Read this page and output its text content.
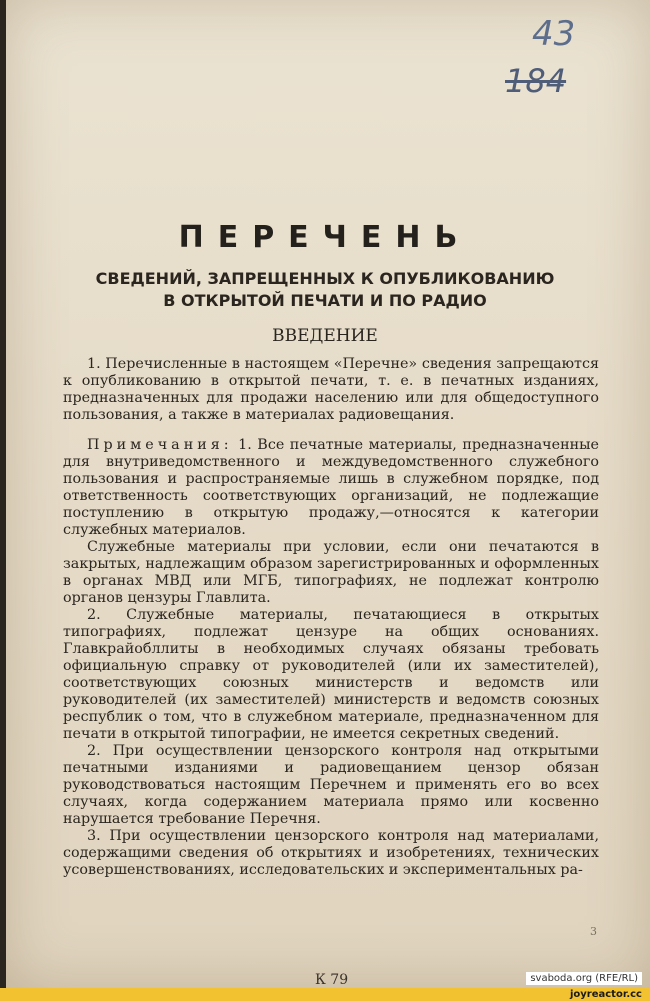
43
184
ПЕРЕЧЕНЬ
СВЕДЕНИЙ, ЗАПРЕЩЕННЫХ К ОПУБЛИКОВАНИЮ
В ОТКРЫТОЙ ПЕЧАТИ И ПО РАДИО
ВВЕДЕНИЕ

1. Перечисленные в настоящем «Перечне» сведения запрещаются к опубликованию в открытой печати, т. е. в печатных изданиях, предназначенных для продажи населению или для общедоступного пользования, а также в материалах радиовещания.

Примечания: 1. Все печатные материалы, предназначенные для внутриведомственного и междуведомственного служебного пользования и распространяемые лишь в служебном порядке, под ответственность соответствующих организаций, не подлежащие поступлению в открытую продажу,—относятся к категории служебных материалов.

Служебные материалы при условии, если они печатаются в закрытых, надлежащим образом зарегистрированных и оформленных в органах МВД или МГБ, типографиях, не подлежат контролю органов цензуры Главлита.

2. Служебные материалы, печатающиеся в открытых типографиях, подлежат цензуре на общих основаниях. Главкрайобллиты в необходимых случаях обязаны требовать официальную справку от руководителей (или их заместителей), соответствующих союзных министерств и ведомств или руководителей (их заместителей) министерств и ведомств союзных республик о том, что в служебном материале, предназначенном для печати в открытой типографии, не имеется секретных сведений.

2. При осуществлении цензорского контроля над открытыми печатными изданиями и радиовещанием цензор обязан руководствоваться настоящим Перечнем и применять его во всех случаях, когда содержанием материала прямо или косвенно нарушается требование Перечня.

3. При осуществлении цензорского контроля над материалами, содержащими сведения об открытиях и изобретениях, технических усовершенствованиях, исследовательских и экспериментальных ра-

3
К 79	svaboda.org (RFE/RL)
joyreactor.cc
